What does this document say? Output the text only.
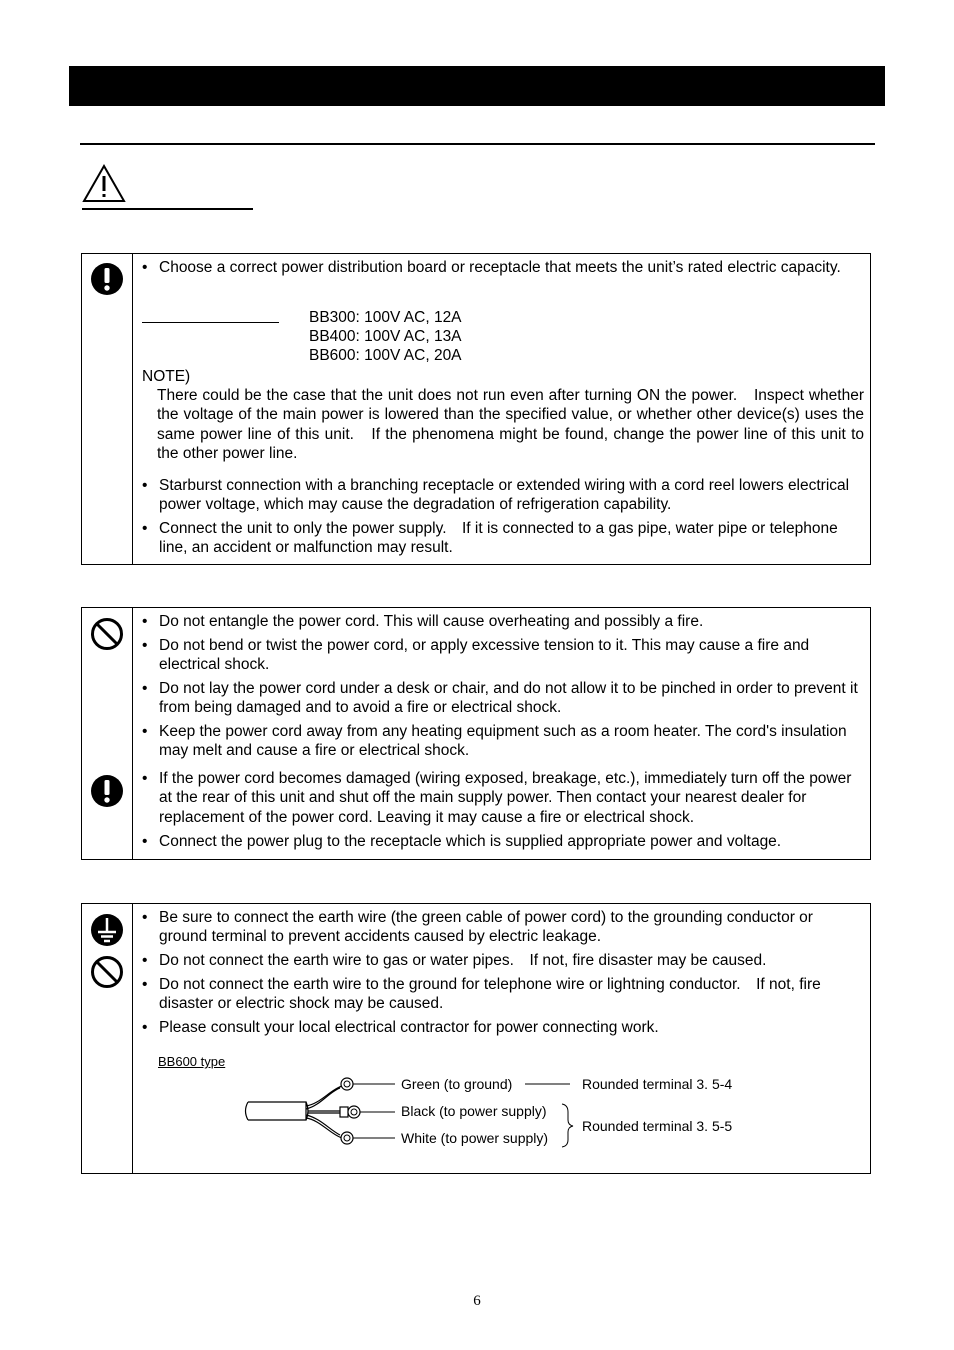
• Choose a correct power distribution board or receptacle that meets the unit’s rated electric capacity.
BB300: 100V AC, 12A
BB400: 100V AC, 13A
BB600: 100V AC, 20A
NOTE)
There could be the case that the unit does not run even after turning ON the power.　Inspect whether the voltage of the main power is lowered than the specified value, or whether other device(s) uses the same power line of this unit.　If the phenomena might be found, change the power line of this unit to the other power line.
• Starburst connection with a branching receptacle or extended wiring with a cord reel lowers electrical power voltage, which may cause the degradation of refrigeration capability.
• Connect the unit to only the power supply.　If it is connected to a gas pipe, water pipe or telephone line, an accident or malfunction may result.
• Do not entangle the power cord. This will cause overheating and possibly a fire.
• Do not bend or twist the power cord, or apply excessive tension to it. This may cause a fire and electrical shock.
• Do not lay the power cord under a desk or chair, and do not allow it to be pinched in order to prevent it from being damaged and to avoid a fire or electrical shock.
• Keep the power cord away from any heating equipment such as a room heater. The cord's insulation may melt and cause a fire or electrical shock.
• If the power cord becomes damaged (wiring exposed, breakage, etc.), immediately turn off the power at the rear of this unit and shut off the main supply power. Then contact your nearest dealer for replacement of the power cord. Leaving it may cause a fire or electrical shock.
• Connect the power plug to the receptacle which is supplied appropriate power and voltage.
• Be sure to connect the earth wire (the green cable of power cord) to the grounding conductor or ground terminal to prevent accidents caused by electric leakage.
• Do not connect the earth wire to gas or water pipes.　If not, fire disaster may be caused.
• Do not connect the earth wire to the ground for telephone wire or lightning conductor.　If not, fire disaster or electric shock may be caused.
• Please consult your local electrical contractor for power connecting work.
BB600 type
Green (to ground)
Black (to power supply)
White (to power supply)
Rounded terminal 3. 5-4
Rounded terminal 3. 5-5
6
